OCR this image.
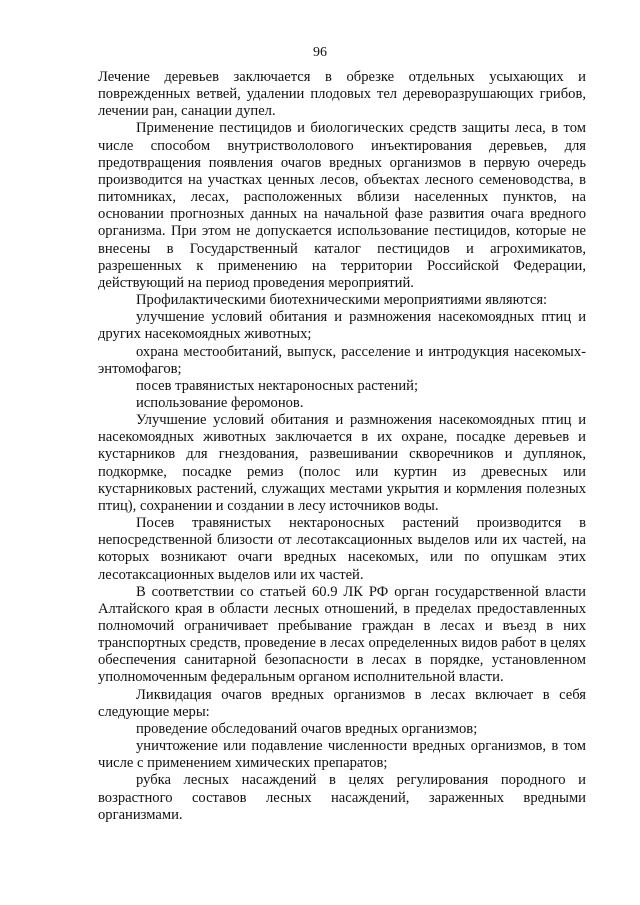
96

Лечение деревьев заключается в обрезке отдельных усыхающих и поврежденных ветвей, удалении плодовых тел дереворазрушающих грибов, лечении ран, санации дупел.

Применение пестицидов и биологических средств защиты леса, в том числе способом внутриствололового инъектирования деревьев, для предотвращения появления очагов вредных организмов в первую очередь производится на участках ценных лесов, объектах лесного семеноводства, в питомниках, лесах, расположенных вблизи населенных пунктов, на основании прогнозных данных на начальной фазе развития очага вредного организма. При этом не допускается использование пестицидов, которые не внесены в Государственный каталог пестицидов и агрохимикатов, разрешенных к применению на территории Российской Федерации, действующий на период проведения мероприятий.

Профилактическими биотехническими мероприятиями являются:

улучшение условий обитания и размножения насекомоядных птиц и других насекомоядных животных;

охрана местообитаний, выпуск, расселение и интродукция насекомых-энтомофагов;

посев травянистых нектароносных растений;

использование феромонов.

Улучшение условий обитания и размножения насекомоядных птиц и насекомоядных животных заключается в их охране, посадке деревьев и кустарников для гнездования, развешивании скворечников и дуплянок, подкормке, посадке ремиз (полос или куртин из древесных или кустарниковых растений, служащих местами укрытия и кормления полезных птиц), сохранении и создании в лесу источников воды.

Посев травянистых нектароносных растений производится в непосредственной близости от лесотаксационных выделов или их частей, на которых возникают очаги вредных насекомых, или по опушкам этих лесотаксационных выделов или их частей.

В соответствии со статьей 60.9 ЛК РФ орган государственной власти Алтайского края в области лесных отношений, в пределах предоставленных полномочий ограничивает пребывание граждан в лесах и въезд в них транспортных средств, проведение в лесах определенных видов работ в целях обеспечения санитарной безопасности в лесах в порядке, установленном уполномоченным федеральным органом исполнительной власти.

Ликвидация очагов вредных организмов в лесах включает в себя следующие меры:

проведение обследований очагов вредных организмов;

уничтожение или подавление численности вредных организмов, в том числе с применением химических препаратов;

рубка лесных насаждений в целях регулирования породного и возрастного составов лесных насаждений, зараженных вредными организмами.
